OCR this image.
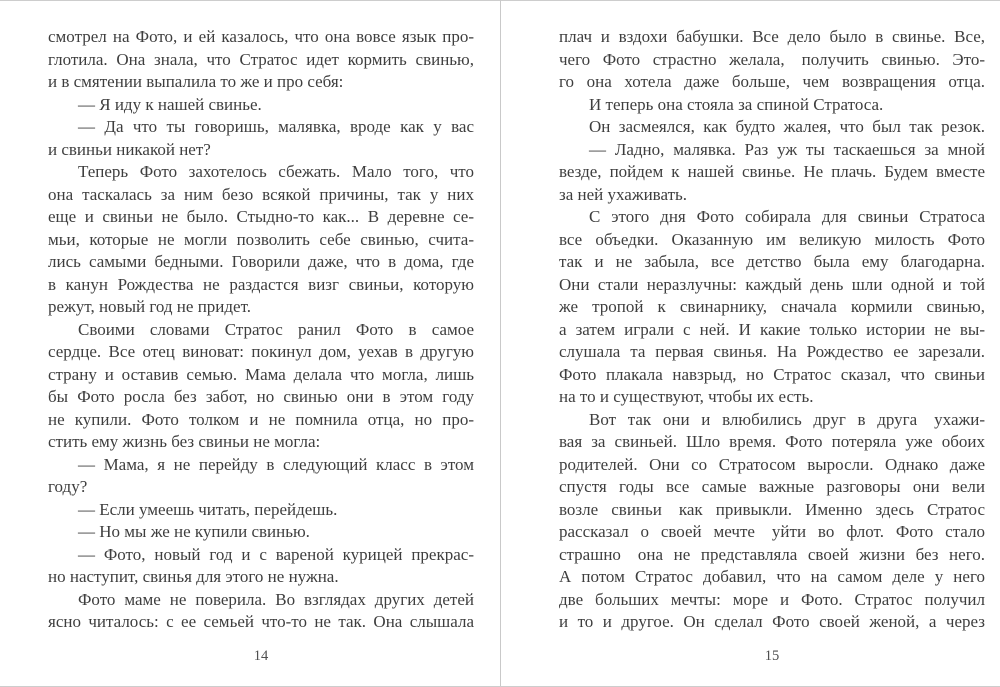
смотрел на Фото, и ей казалось, что она вовсе язык про-
глотила. Она знала, что Стратос идет кормить свинью,
и в смятении выпалила то же и про себя:
— Я иду к нашей свинье.
— Да что ты говоришь, малявка, вроде как у вас
и свиньи никакой нет?
Теперь Фото захотелось сбежать. Мало того, что
она таскалась за ним безо всякой причины, так у них
еще и свиньи не было. Стыдно-то как... В деревне се-
мьи, которые не могли позволить себе свинью, счита-
лись самыми бедными. Говорили даже, что в дома, где
в канун Рождества не раздастся визг свиньи, которую
режут, новый год не придет.
Своими словами Стратос ранил Фото в самое
сердце. Все отец виноват: покинул дом, уехав в другую
страну и оставив семью. Мама делала что могла, лишь
бы Фото росла без забот, но свинью они в этом году
не купили. Фото толком и не помнила отца, но про-
стить ему жизнь без свиньи не могла:
— Мама, я не перейду в следующий класс в этом
году?
— Если умеешь читать, перейдешь.
— Но мы же не купили свинью.
— Фото, новый год и с вареной курицей прекрас-
но наступит, свинья для этого не нужна.
Фото маме не поверила. Во взглядах других детей
ясно читалось: с ее семьей что-то не так. Она слышала
плач и вздохи бабушки. Все дело было в свинье. Все,
чего Фото страстно желала, получить свинью. Это-
го она хотела даже больше, чем возвращения отца.
И теперь она стояла за спиной Стратоса.
Он засмеялся, как будто жалея, что был так резок.
— Ладно, малявка. Раз уж ты таскаешься за мной
везде, пойдем к нашей свинье. Не плачь. Будем вместе
за ней ухаживать.
С этого дня Фото собирала для свиньи Стратоса
все объедки. Оказанную им великую милость Фото
так и не забыла, все детство была ему благодарна.
Они стали неразлучны: каждый день шли одной и той
же тропой к свинарнику, сначала кормили свинью,
а затем играли с ней. И какие только истории не вы-
слушала та первая свинья. На Рождество ее зарезали.
Фото плакала навзрыд, но Стратос сказал, что свиньи
на то и существуют, чтобы их есть.
Вот так они и влюбились друг в друга ухажи-
вая за свиньей. Шло время. Фото потеряла уже обоих
родителей. Они со Стратосом выросли. Однако даже
спустя годы все самые важные разговоры они вели
возле свиньи как привыкли. Именно здесь Стратос
рассказал о своей мечте уйти во флот. Фото стало
страшно она не представляла своей жизни без него.
А потом Стратос добавил, что на самом деле у него
две больших мечты: море и Фото. Стратос получил
и то и другое. Он сделал Фото своей женой, а через
14	15
